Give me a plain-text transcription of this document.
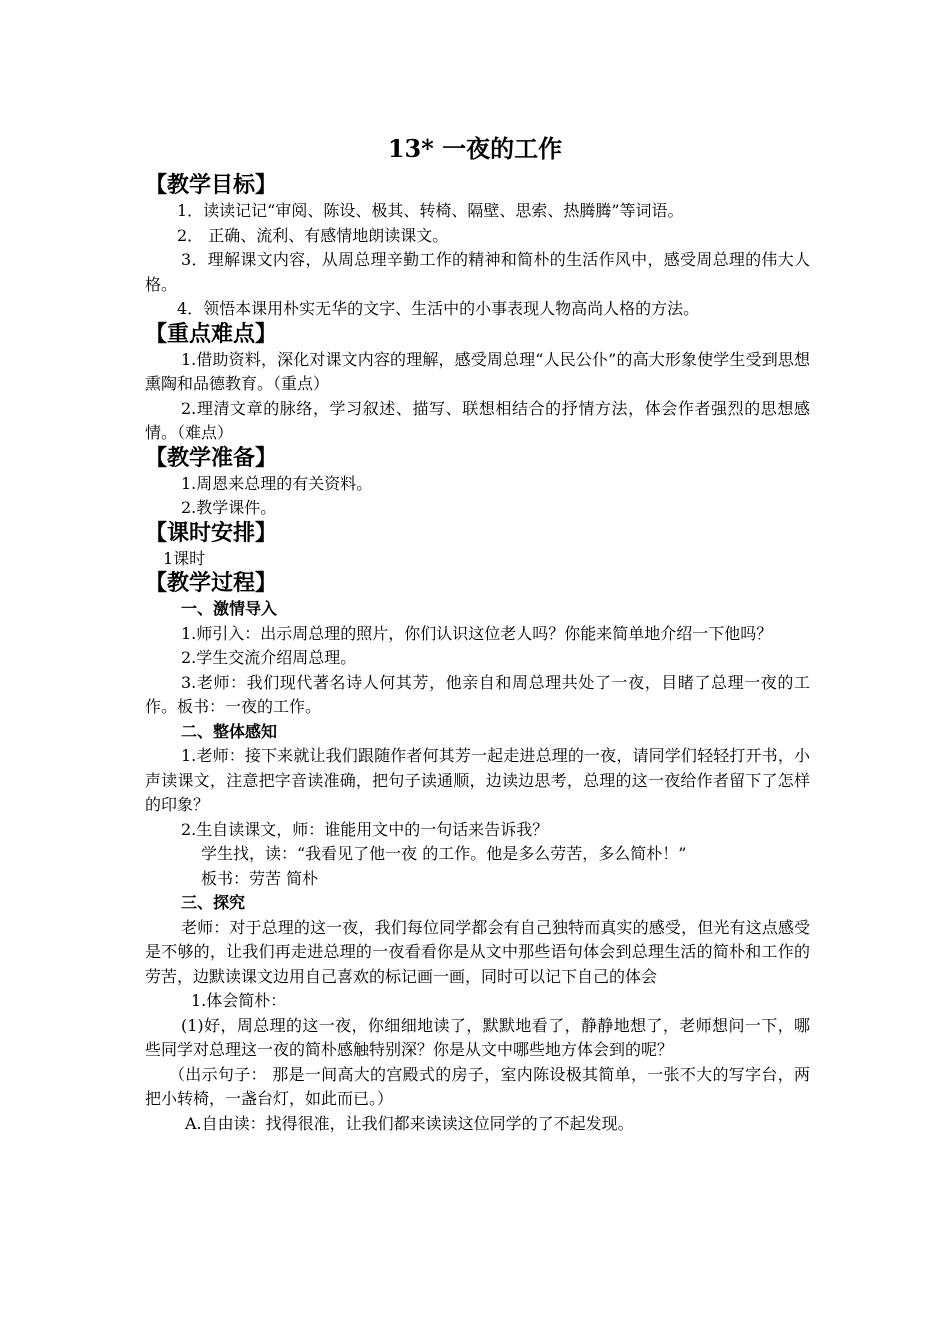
13* 一夜的工作
【教学目标】

1．读读记记“审阅、陈设、极其、转椅、隔壁、思索、热腾腾”等词语。

2． 正确、流利、有感情地朗读课文。

3．理解课文内容，从周总理辛勤工作的精神和简朴的生活作风中，感受周总理的伟大人格。

4．领悟本课用朴实无华的文字、生活中的小事表现人物高尚人格的方法。

【重点难点】

1.借助资料，深化对课文内容的理解，感受周总理“人民公仆”的高大形象使学生受到思想熏陶和品德教育。（重点）

2.理清文章的脉络，学习叙述、描写、联想相结合的抒情方法，体会作者强烈的思想感情。（难点）

【教学准备】

1.周恩来总理的有关资料。

2.教学课件。

【课时安排】

1课时

【教学过程】
一、激情导入

1.师引入：出示周总理的照片，你们认识这位老人吗？你能来简单地介绍一下他吗？

2.学生交流介绍周总理。

3.老师：我们现代著名诗人何其芳，他亲自和周总理共处了一夜，目睹了总理一夜的工作。板书：一夜的工作。

二、整体感知

1.老师：接下来就让我们跟随作者何其芳一起走进总理的一夜，请同学们轻轻打开书，小声读课文，注意把字音读准确，把句子读通顺，边读边思考，总理的这一夜给作者留下了怎样的印象？

2.生自读课文，师：谁能用文中的一句话来告诉我？

学生找，读：“我看见了他一夜 的工作。他是多么劳苦，多么简朴！”

板书：劳苦 简朴

三、探究

老师：对于总理的这一夜，我们每位同学都会有自己独特而真实的感受，但光有这点感受是不够的，让我们再走进总理的一夜看看你是从文中那些语句体会到总理生活的简朴和工作的劳苦，边默读课文边用自己喜欢的标记画一画，同时可以记下自己的体会

1.体会简朴：

(1)好，周总理的这一夜，你细细地读了，默默地看了，静静地想了，老师想问一下，哪些同学对总理这一夜的简朴感触特别深？你是从文中哪些地方体会到的呢？

（出示句子： 那是一间高大的宫殿式的房子，室内陈设极其简单，一张不大的写字台，两把小转椅，一盏台灯，如此而已。）

A.自由读：找得很准，让我们都来读读这位同学的了不起发现。
